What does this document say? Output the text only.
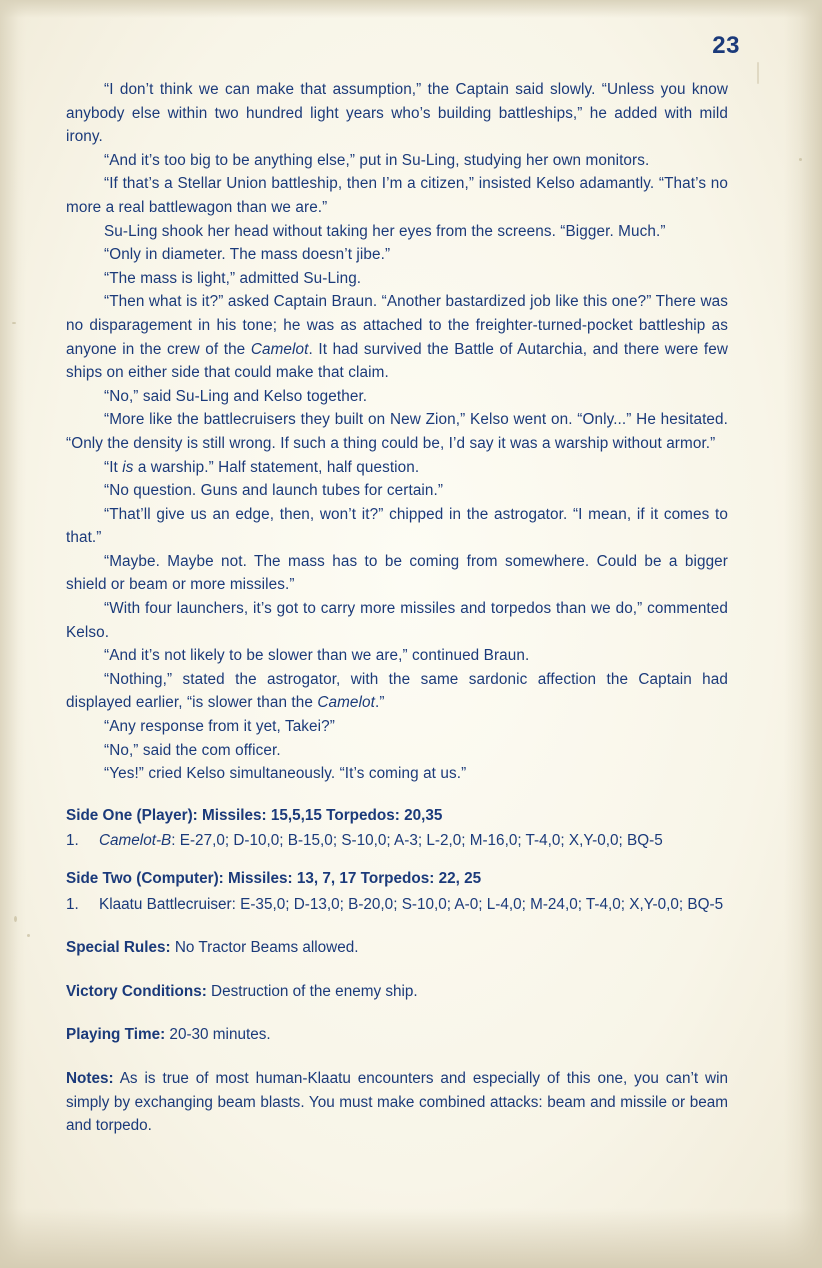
23

“I don’t think we can make that assumption,” the Captain said slowly. “Unless you know anybody else within two hundred light years who’s building battleships,” he added with mild irony.

“And it’s too big to be anything else,” put in Su-Ling, studying her own monitors.

“If that’s a Stellar Union battleship, then I’m a citizen,” insisted Kelso adamantly. “That’s no more a real battlewagon than we are.”

Su-Ling shook her head without taking her eyes from the screens. “Bigger. Much.”

“Only in diameter. The mass doesn’t jibe.”

“The mass is light,” admitted Su-Ling.

“Then what is it?” asked Captain Braun. “Another bastardized job like this one?” There was no disparagement in his tone; he was as attached to the freighter-turned-pocket battleship as anyone in the crew of the Camelot. It had survived the Battle of Autarchia, and there were few ships on either side that could make that claim.

“No,” said Su-Ling and Kelso together.

“More like the battlecruisers they built on New Zion,” Kelso went on. “Only...” He hesitated. “Only the density is still wrong. If such a thing could be, I’d say it was a warship without armor.”

“It is a warship.” Half statement, half question.

“No question. Guns and launch tubes for certain.”

“That’ll give us an edge, then, won’t it?” chipped in the astrogator. “I mean, if it comes to that.”

“Maybe. Maybe not. The mass has to be coming from somewhere. Could be a bigger shield or beam or more missiles.”

“With four launchers, it’s got to carry more missiles and torpedos than we do,” commented Kelso.

“And it’s not likely to be slower than we are,” continued Braun.

“Nothing,” stated the astrogator, with the same sardonic affection the Captain had displayed earlier, “is slower than the Camelot.”

“Any response from it yet, Takei?”

“No,” said the com officer.

“Yes!” cried Kelso simultaneously. “It’s coming at us.”

Side One (Player): Missiles: 15,5,15 Torpedos: 20,35
1.	Camelot-B: E-27,0; D-10,0; B-15,0; S-10,0; A-3; L-2,0; M-16,0; T-4,0; X,Y-0,0; BQ-5
Side Two (Computer): Missiles: 13, 7, 17 Torpedos: 22, 25
1.	Klaatu Battlecruiser: E-35,0; D-13,0; B-20,0; S-10,0; A-0; L-4,0; M-24,0; T-4,0; X,Y-0,0; BQ-5
Special Rules: No Tractor Beams allowed.
Victory Conditions: Destruction of the enemy ship.
Playing Time: 20-30 minutes.
Notes: As is true of most human-Klaatu encounters and especially of this one, you can’t win simply by exchanging beam blasts. You must make combined attacks: beam and missile or beam and torpedo.
